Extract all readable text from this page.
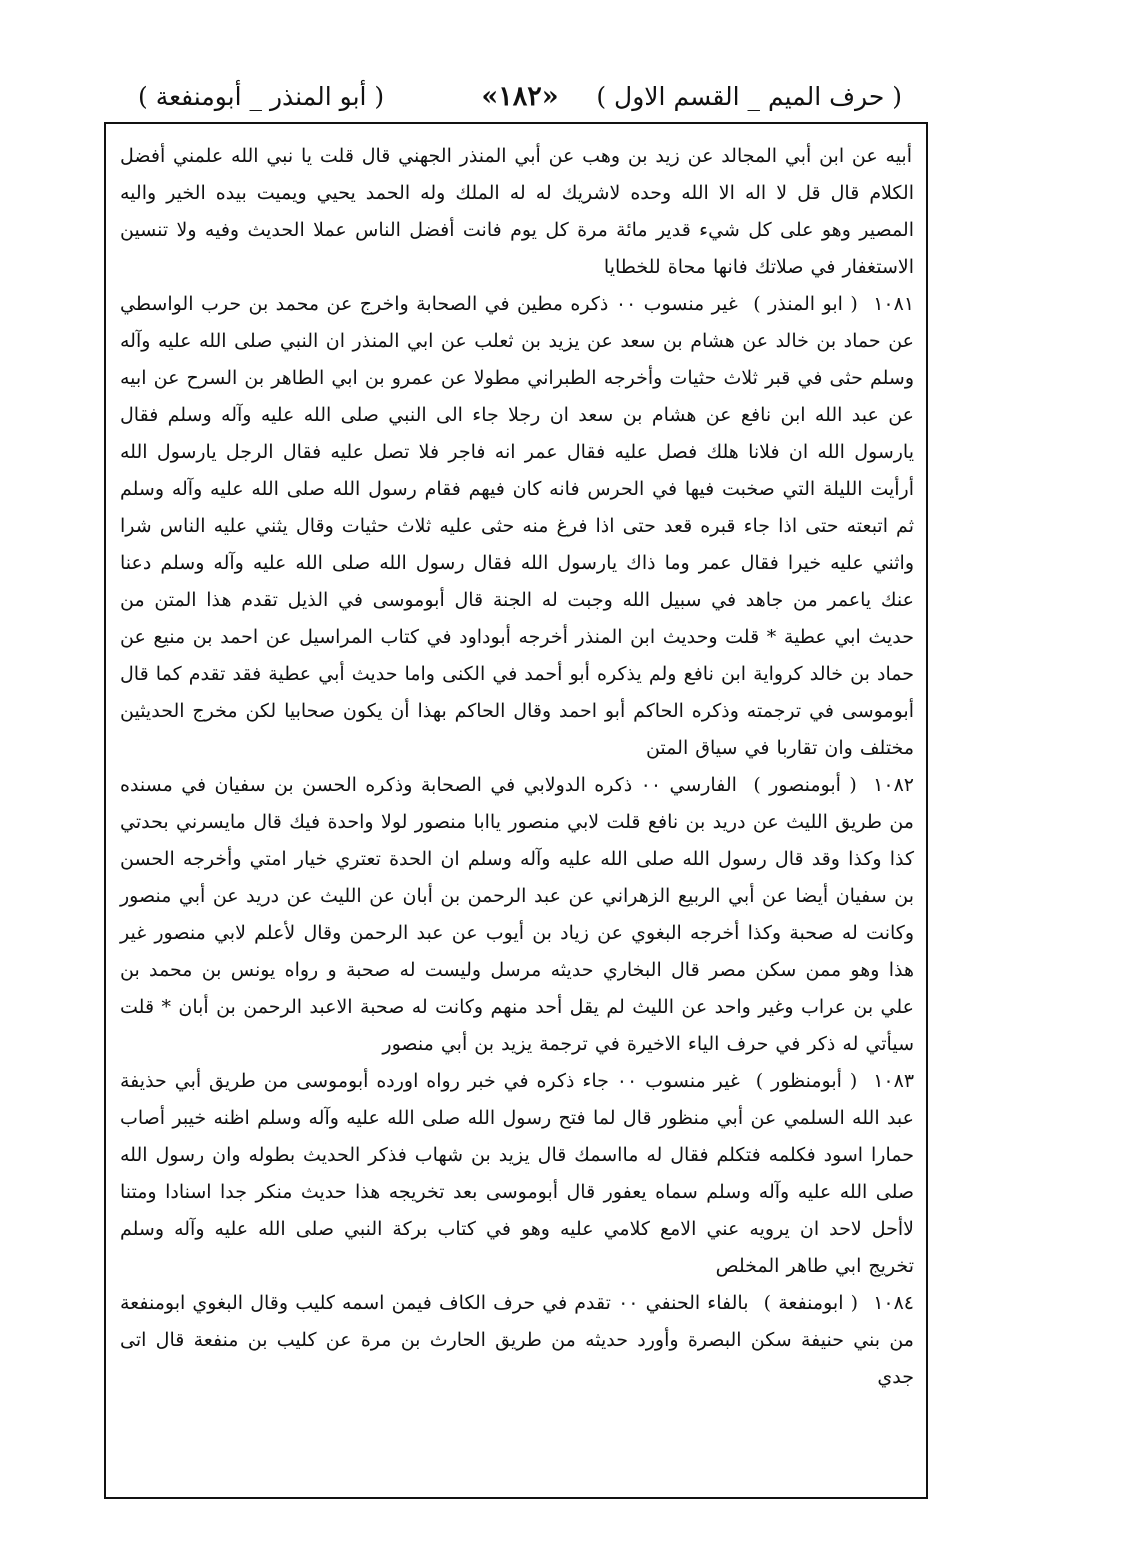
( أبو المنذر _ أبومنفعة )	«١٨٢» ( حرف الميم _ القسم الاول )

أبيه عن ابن أبي المجالد عن زيد بن وهب عن أبي المنذر الجهني قال قلت يا نبي الله علمني أفضل الكلام قال قل لا اله الا الله وحده لاشريك له له الملك وله الحمد يحيي ويميت بيده الخير واليه المصير وهو على كل شيء قدير مائة مرة كل يوم فانت أفضل الناس عملا الحديث وفيه ولا تنسين الاستغفار في صلاتك فانها محاة للخطايا

١٠٨١ ( ابو المنذر ) غير منسوب ٠٠ ذكره مطين في الصحابة واخرج عن محمد بن حرب الواسطي عن حماد بن خالد عن هشام بن سعد عن يزيد بن ثعلب عن ابي المنذر ان النبي صلى الله عليه وآله وسلم حثى في قبر ثلاث حثيات وأخرجه الطبراني مطولا عن عمرو بن ابي الطاهر بن السرح عن ابيه عن عبد الله ابن نافع عن هشام بن سعد ان رجلا جاء الى النبي صلى الله عليه وآله وسلم فقال يارسول الله ان فلانا هلك فصل عليه فقال عمر انه فاجر فلا تصل عليه فقال الرجل يارسول الله أرأيت الليلة التي صخبت فيها في الحرس فانه كان فيهم فقام رسول الله صلى الله عليه وآله وسلم ثم اتبعته حتى اذا جاء قبره قعد حتى اذا فرغ منه حثى عليه ثلاث حثيات وقال يثني عليه الناس شرا واثني عليه خيرا فقال عمر وما ذاك يارسول الله فقال رسول الله صلى الله عليه وآله وسلم دعنا عنك ياعمر من جاهد في سبيل الله وجبت له الجنة قال أبوموسى في الذيل تقدم هذا المتن من حديث ابي عطية * قلت وحديث ابن المنذر أخرجه أبوداود في كتاب المراسيل عن احمد بن منيع عن حماد بن خالد كرواية ابن نافع ولم يذكره أبو أحمد في الكنى واما حديث أبي عطية فقد تقدم كما قال أبوموسى في ترجمته وذكره الحاكم أبو احمد وقال الحاكم بهذا أن يكون صحابيا لكن مخرج الحديثين مختلف وان تقاربا في سياق المتن

١٠٨٢ ( أبومنصور ) الفارسي ٠٠ ذكره الدولابي في الصحابة وذكره الحسن بن سفيان في مسنده من طريق الليث عن دريد بن نافع قلت لابي منصور ياابا منصور لولا واحدة فيك قال مايسرني بحدتي كذا وكذا وقد قال رسول الله صلى الله عليه وآله وسلم ان الحدة تعتري خيار امتي وأخرجه الحسن بن سفيان أيضا عن أبي الربيع الزهراني عن عبد الرحمن بن أبان عن الليث عن دريد عن أبي منصور وكانت له صحبة وكذا أخرجه البغوي عن زياد بن أيوب عن عبد الرحمن وقال لأعلم لابي منصور غير هذا وهو ممن سكن مصر قال البخاري حديثه مرسل وليست له صحبة و رواه يونس بن محمد بن علي بن عراب وغير واحد عن الليث لم يقل أحد منهم وكانت له صحبة الاعبد الرحمن بن أبان * قلت سيأتي له ذكر في حرف الياء الاخيرة في ترجمة يزيد بن أبي منصور

١٠٨٣ ( أبومنظور ) غير منسوب ٠٠ جاء ذكره في خبر رواه اورده أبوموسى من طريق أبي حذيفة عبد الله السلمي عن أبي منظور قال لما فتح رسول الله صلى الله عليه وآله وسلم اظنه خيبر أصاب حمارا اسود فكلمه فتكلم فقال له مااسمك قال يزيد بن شهاب فذكر الحديث بطوله وان رسول الله صلى الله عليه وآله وسلم سماه يعفور قال أبوموسى بعد تخريجه هذا حديث منكر جدا اسنادا ومتنا لاأحل لاحد ان يرويه عني الامع كلامي عليه وهو في كتاب بركة النبي صلى الله عليه وآله وسلم تخريج ابي طاهر المخلص

١٠٨٤ ( ابومنفعة ) بالفاء الحنفي ٠٠ تقدم في حرف الكاف فيمن اسمه كليب وقال البغوي ابومنفعة من بني حنيفة سكن البصرة وأورد حديثه من طريق الحارث بن مرة عن كليب بن منفعة قال اتى جدي
